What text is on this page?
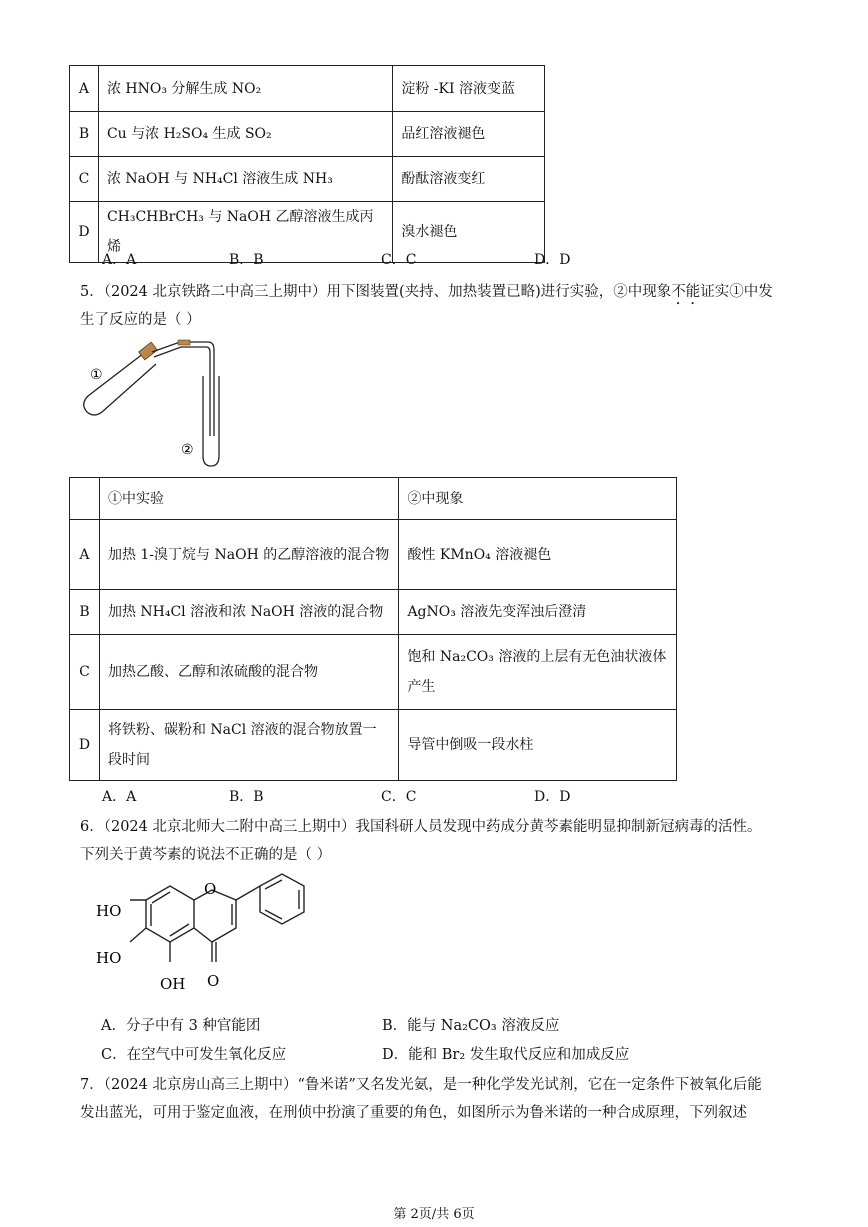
A	浓 HNO₃ 分解生成 NO₂	淀粉 -KI 溶液变蓝
B	Cu 与浓 H₂SO₄ 生成 SO₂	品红溶液褪色
C	浓 NaOH 与 NH₄Cl 溶液生成 NH₃	酚酞溶液变红
D	CH₃CHBrCH₃ 与 NaOH 乙醇溶液生成丙烯	溴水褪色
A．A	B．B	C．C	D．D
5．（2024 北京铁路二中高三上期中）用下图装置(夹持、加热装置已略)进行实验，②中现象不能证实①中发
生了反应的是（ ）
①
②
	①中实验	②中现象
A	加热 1-溴丁烷与 NaOH 的乙醇溶液的混合物	酸性 KMnO₄ 溶液褪色
B	加热 NH₄Cl 溶液和浓 NaOH 溶液的混合物	AgNO₃ 溶液先变浑浊后澄清
C	加热乙酸、乙醇和浓硫酸的混合物	饱和 Na₂CO₃ 溶液的上层有无色油状液体产生
D	将铁粉、碳粉和 NaCl 溶液的混合物放置一段时间	导管中倒吸一段水柱
A．A	B．B	C．C	D．D
6．（2024 北京北师大二附中高三上期中）我国科研人员发现中药成分黄芩素能明显抑制新冠病毒的活性。
下列关于黄芩素的说法不正确的是（ ）
HO
HO
OH
O
O
A．分子中有 3 种官能团	B．能与 Na₂CO₃ 溶液反应
C．在空气中可发生氧化反应	D．能和 Br₂ 发生取代反应和加成反应
7．（2024 北京房山高三上期中）“鲁米诺”又名发光氨，是一种化学发光试剂，它在一定条件下被氧化后能
发出蓝光，可用于鉴定血液，在刑侦中扮演了重要的角色，如图所示为鲁米诺的一种合成原理，下列叙述
第 2页/共 6页
